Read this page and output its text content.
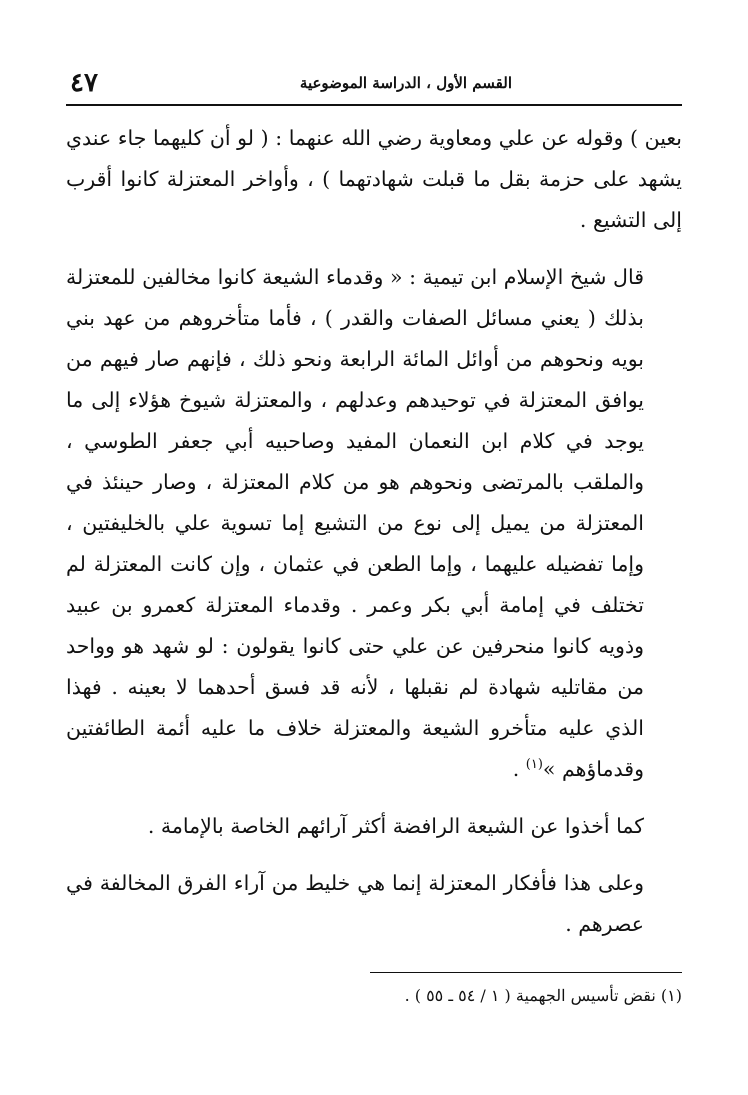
٤٧	القسم الأول ، الدراسة الموضوعية

بعين ) وقوله عن علي ومعاوية رضي الله عنهما : ( لو أن كليهما جاء عندي يشهد على حزمة بقل ما قبلت شهادتهما ) ، وأواخر المعتزلة كانوا أقرب إلى التشيع .

قال شيخ الإسلام ابن تيمية : « وقدماء الشيعة كانوا مخالفين للمعتزلة بذلك ( يعني مسائل الصفات والقدر ) ، فأما متأخروهم من عهد بني بويه ونحوهم من أوائل المائة الرابعة ونحو ذلك ، فإنهم صار فيهم من يوافق المعتزلة في توحيدهم وعدلهم ، والمعتزلة شيوخ هؤلاء إلى ما يوجد في كلام ابن النعمان المفيد وصاحبيه أبي جعفر الطوسي ، والملقب بالمرتضى ونحوهم هو من كلام المعتزلة ، وصار حينئذ في المعتزلة من يميل إلى نوع من التشيع إما تسوية علي بالخليفتين ، وإما تفضيله عليهما ، وإما الطعن في عثمان ، وإن كانت المعتزلة لم تختلف في إمامة أبي بكر وعمر . وقدماء المعتزلة كعمرو بن عبيد وذويه كانوا منحرفين عن علي حتى كانوا يقولون : لو شهد هو وواحد من مقاتليه شهادة لم نقبلها ، لأنه قد فسق أحدهما لا بعينه . فهذا الذي عليه متأخرو الشيعة والمعتزلة خلاف ما عليه أئمة الطائفتين وقدماؤهم »$^{(١)}$ .

كما أخذوا عن الشيعة الرافضة أكثر آرائهم الخاصة بالإمامة .

وعلى هذا فأفكار المعتزلة إنما هي خليط من آراء الفرق المخالفة في عصرهم .

(١) نقض تأسيس الجهمية ( ١ / ٥٤ ـ ٥٥ ) .
